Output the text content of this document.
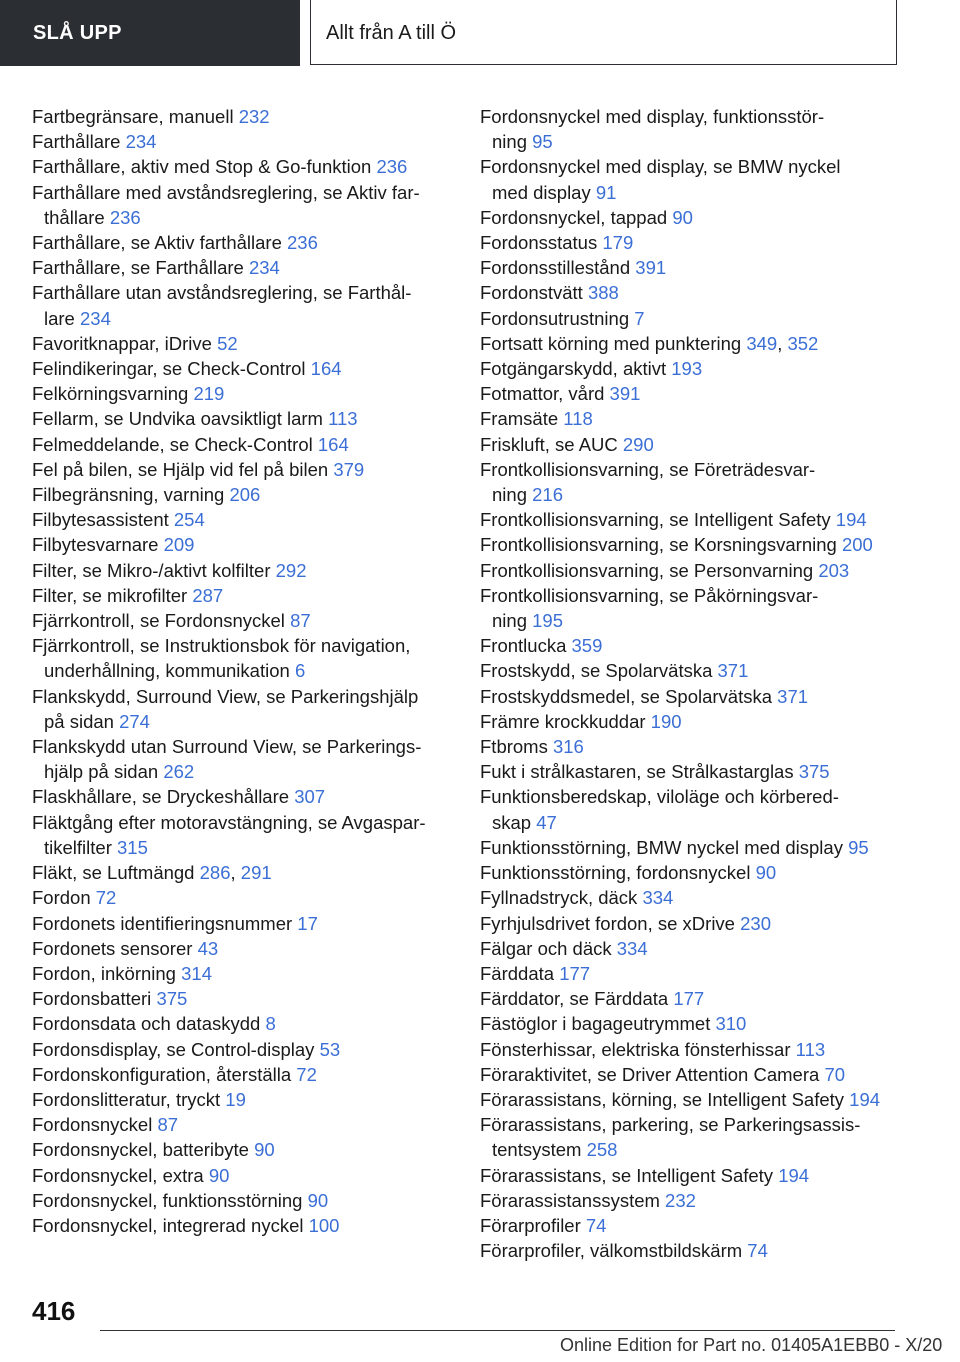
SLÅ UPP	Allt från A till Ö
Fartbegränsare, manuell 232
Farthållare 234
Farthållare, aktiv med Stop & Go-funktion 236
Farthållare med avståndsreglering, se Aktiv far-
thållare 236
Farthållare, se Aktiv farthållare 236
Farthållare, se Farthållare 234
Farthållare utan avståndsreglering, se Farthål-
lare 234
Favoritknappar, iDrive 52
Felindikeringar, se Check-Control 164
Felkörningsvarning 219
Fellarm, se Undvika oavsiktligt larm 113
Felmeddelande, se Check-Control 164
Fel på bilen, se Hjälp vid fel på bilen 379
Filbegränsning, varning 206
Filbytesassistent 254
Filbytesvarnare 209
Filter, se Mikro-/aktivt kolfilter 292
Filter, se mikrofilter 287
Fjärrkontroll, se Fordonsnyckel 87
Fjärrkontroll, se Instruktionsbok för navigation,
underhållning, kommunikation 6
Flankskydd, Surround View, se Parkeringshjälp
på sidan 274
Flankskydd utan Surround View, se Parkerings-
hjälp på sidan 262
Flaskhållare, se Dryckeshållare 307
Fläktgång efter motoravstängning, se Avgaspar-
tikelfilter 315
Fläkt, se Luftmängd 286, 291
Fordon 72
Fordonets identifieringsnummer 17
Fordonets sensorer 43
Fordon, inkörning 314
Fordonsbatteri 375
Fordonsdata och dataskydd 8
Fordonsdisplay, se Control-display 53
Fordonskonfiguration, återställa 72
Fordonslitteratur, tryckt 19
Fordonsnyckel 87
Fordonsnyckel, batteribyte 90
Fordonsnyckel, extra 90
Fordonsnyckel, funktionsstörning 90
Fordonsnyckel, integrerad nyckel 100
Fordonsnyckel med display, funktionsstör-
ning 95
Fordonsnyckel med display, se BMW nyckel
med display 91
Fordonsnyckel, tappad 90
Fordonsstatus 179
Fordonsstillestånd 391
Fordonstvätt 388
Fordonsutrustning 7
Fortsatt körning med punktering 349, 352
Fotgängarskydd, aktivt 193
Fotmattor, vård 391
Framsäte 118
Friskluft, se AUC 290
Frontkollisionsvarning, se Företrädesvar-
ning 216
Frontkollisionsvarning, se Intelligent Safety 194
Frontkollisionsvarning, se Korsningsvarning 200
Frontkollisionsvarning, se Personvarning 203
Frontkollisionsvarning, se Påkörningsvar-
ning 195
Frontlucka 359
Frostskydd, se Spolarvätska 371
Frostskyddsmedel, se Spolarvätska 371
Främre krockkuddar 190
Ftbroms 316
Fukt i strålkastaren, se Strålkastarglas 375
Funktionsberedskap, viloläge och körbered-
skap 47
Funktionsstörning, BMW nyckel med display 95
Funktionsstörning, fordonsnyckel 90
Fyllnadstryck, däck 334
Fyrhjulsdrivet fordon, se xDrive 230
Fälgar och däck 334
Färddata 177
Färddator, se Färddata 177
Fästöglor i bagageutrymmet 310
Fönsterhissar, elektriska fönsterhissar 113
Föraraktivitet, se Driver Attention Camera 70
Förarassistans, körning, se Intelligent Safety 194
Förarassistans, parkering, se Parkeringsassis-
tentsystem 258
Förarassistans, se Intelligent Safety 194
Förarassistanssystem 232
Förarprofiler 74
Förarprofiler, välkomstbildskärm 74
416
Online Edition for Part no. 01405A1EBB0 - X/20
